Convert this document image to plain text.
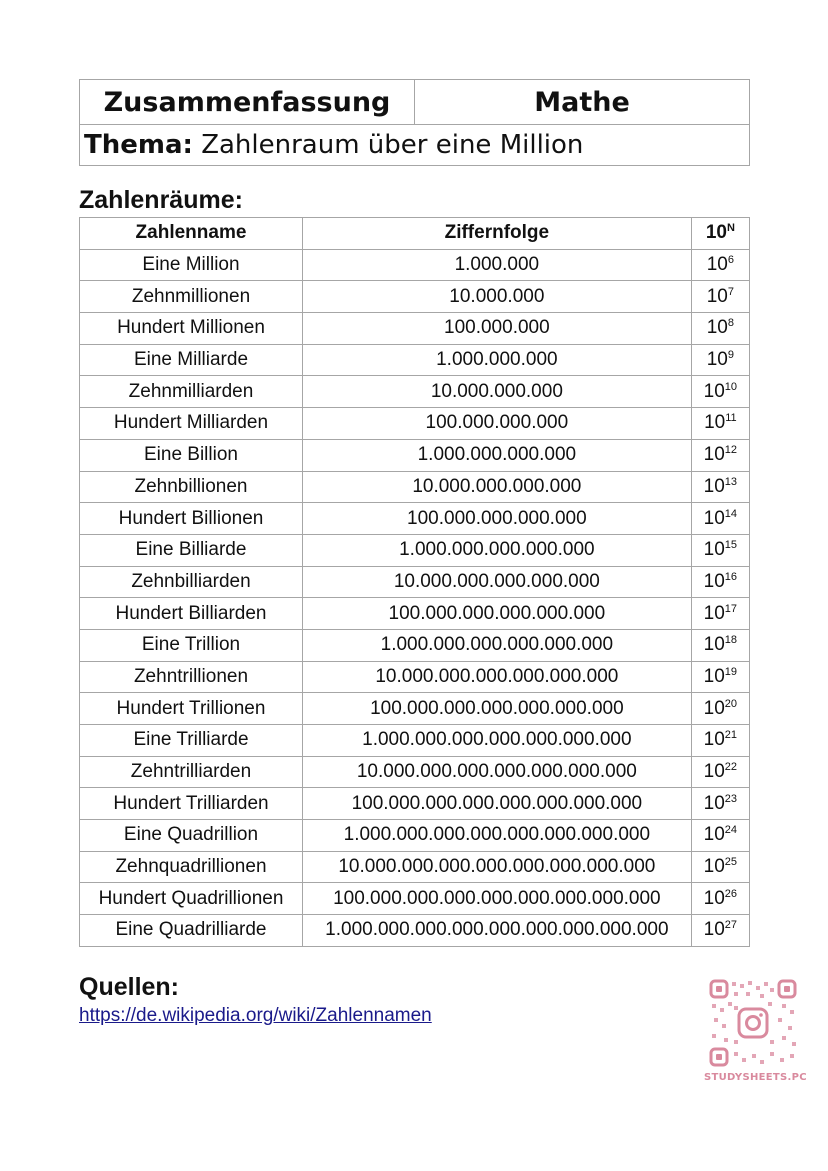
Zusammenfassung	Mathe
Thema: Zahlenraum über eine Million
Zahlenräume:
Zahlenname	Ziffernfolge	$10^N$
Eine Million	1.000.000	$10^6$
Zehnmillionen	10.000.000	$10^7$
Hundert Millionen	100.000.000	$10^8$
Eine Milliarde	1.000.000.000	$10^9$
Zehnmilliarden	10.000.000.000	$10^{10}$
Hundert Milliarden	100.000.000.000	$10^{11}$
Eine Billion	1.000.000.000.000	$10^{12}$
Zehnbillionen	10.000.000.000.000	$10^{13}$
Hundert Billionen	100.000.000.000.000	$10^{14}$
Eine Billiarde	1.000.000.000.000.000	$10^{15}$
Zehnbilliarden	10.000.000.000.000.000	$10^{16}$
Hundert Billiarden	100.000.000.000.000.000	$10^{17}$
Eine Trillion	1.000.000.000.000.000.000	$10^{18}$
Zehntrillionen	10.000.000.000.000.000.000	$10^{19}$
Hundert Trillionen	100.000.000.000.000.000.000	$10^{20}$
Eine Trilliarde	1.000.000.000.000.000.000.000	$10^{21}$
Zehntrilliarden	10.000.000.000.000.000.000.000	$10^{22}$
Hundert Trilliarden	100.000.000.000.000.000.000.000	$10^{23}$
Eine Quadrillion	1.000.000.000.000.000.000.000.000	$10^{24}$
Zehnquadrillionen	10.000.000.000.000.000.000.000.000	$10^{25}$
Hundert Quadrillionen	100.000.000.000.000.000.000.000.000	$10^{26}$
Eine Quadrilliarde	1.000.000.000.000.000.000.000.000.000	$10^{27}$
Quellen:
https://de.wikipedia.org/wiki/Zahlennamen
STUDYSHEETS.PC
